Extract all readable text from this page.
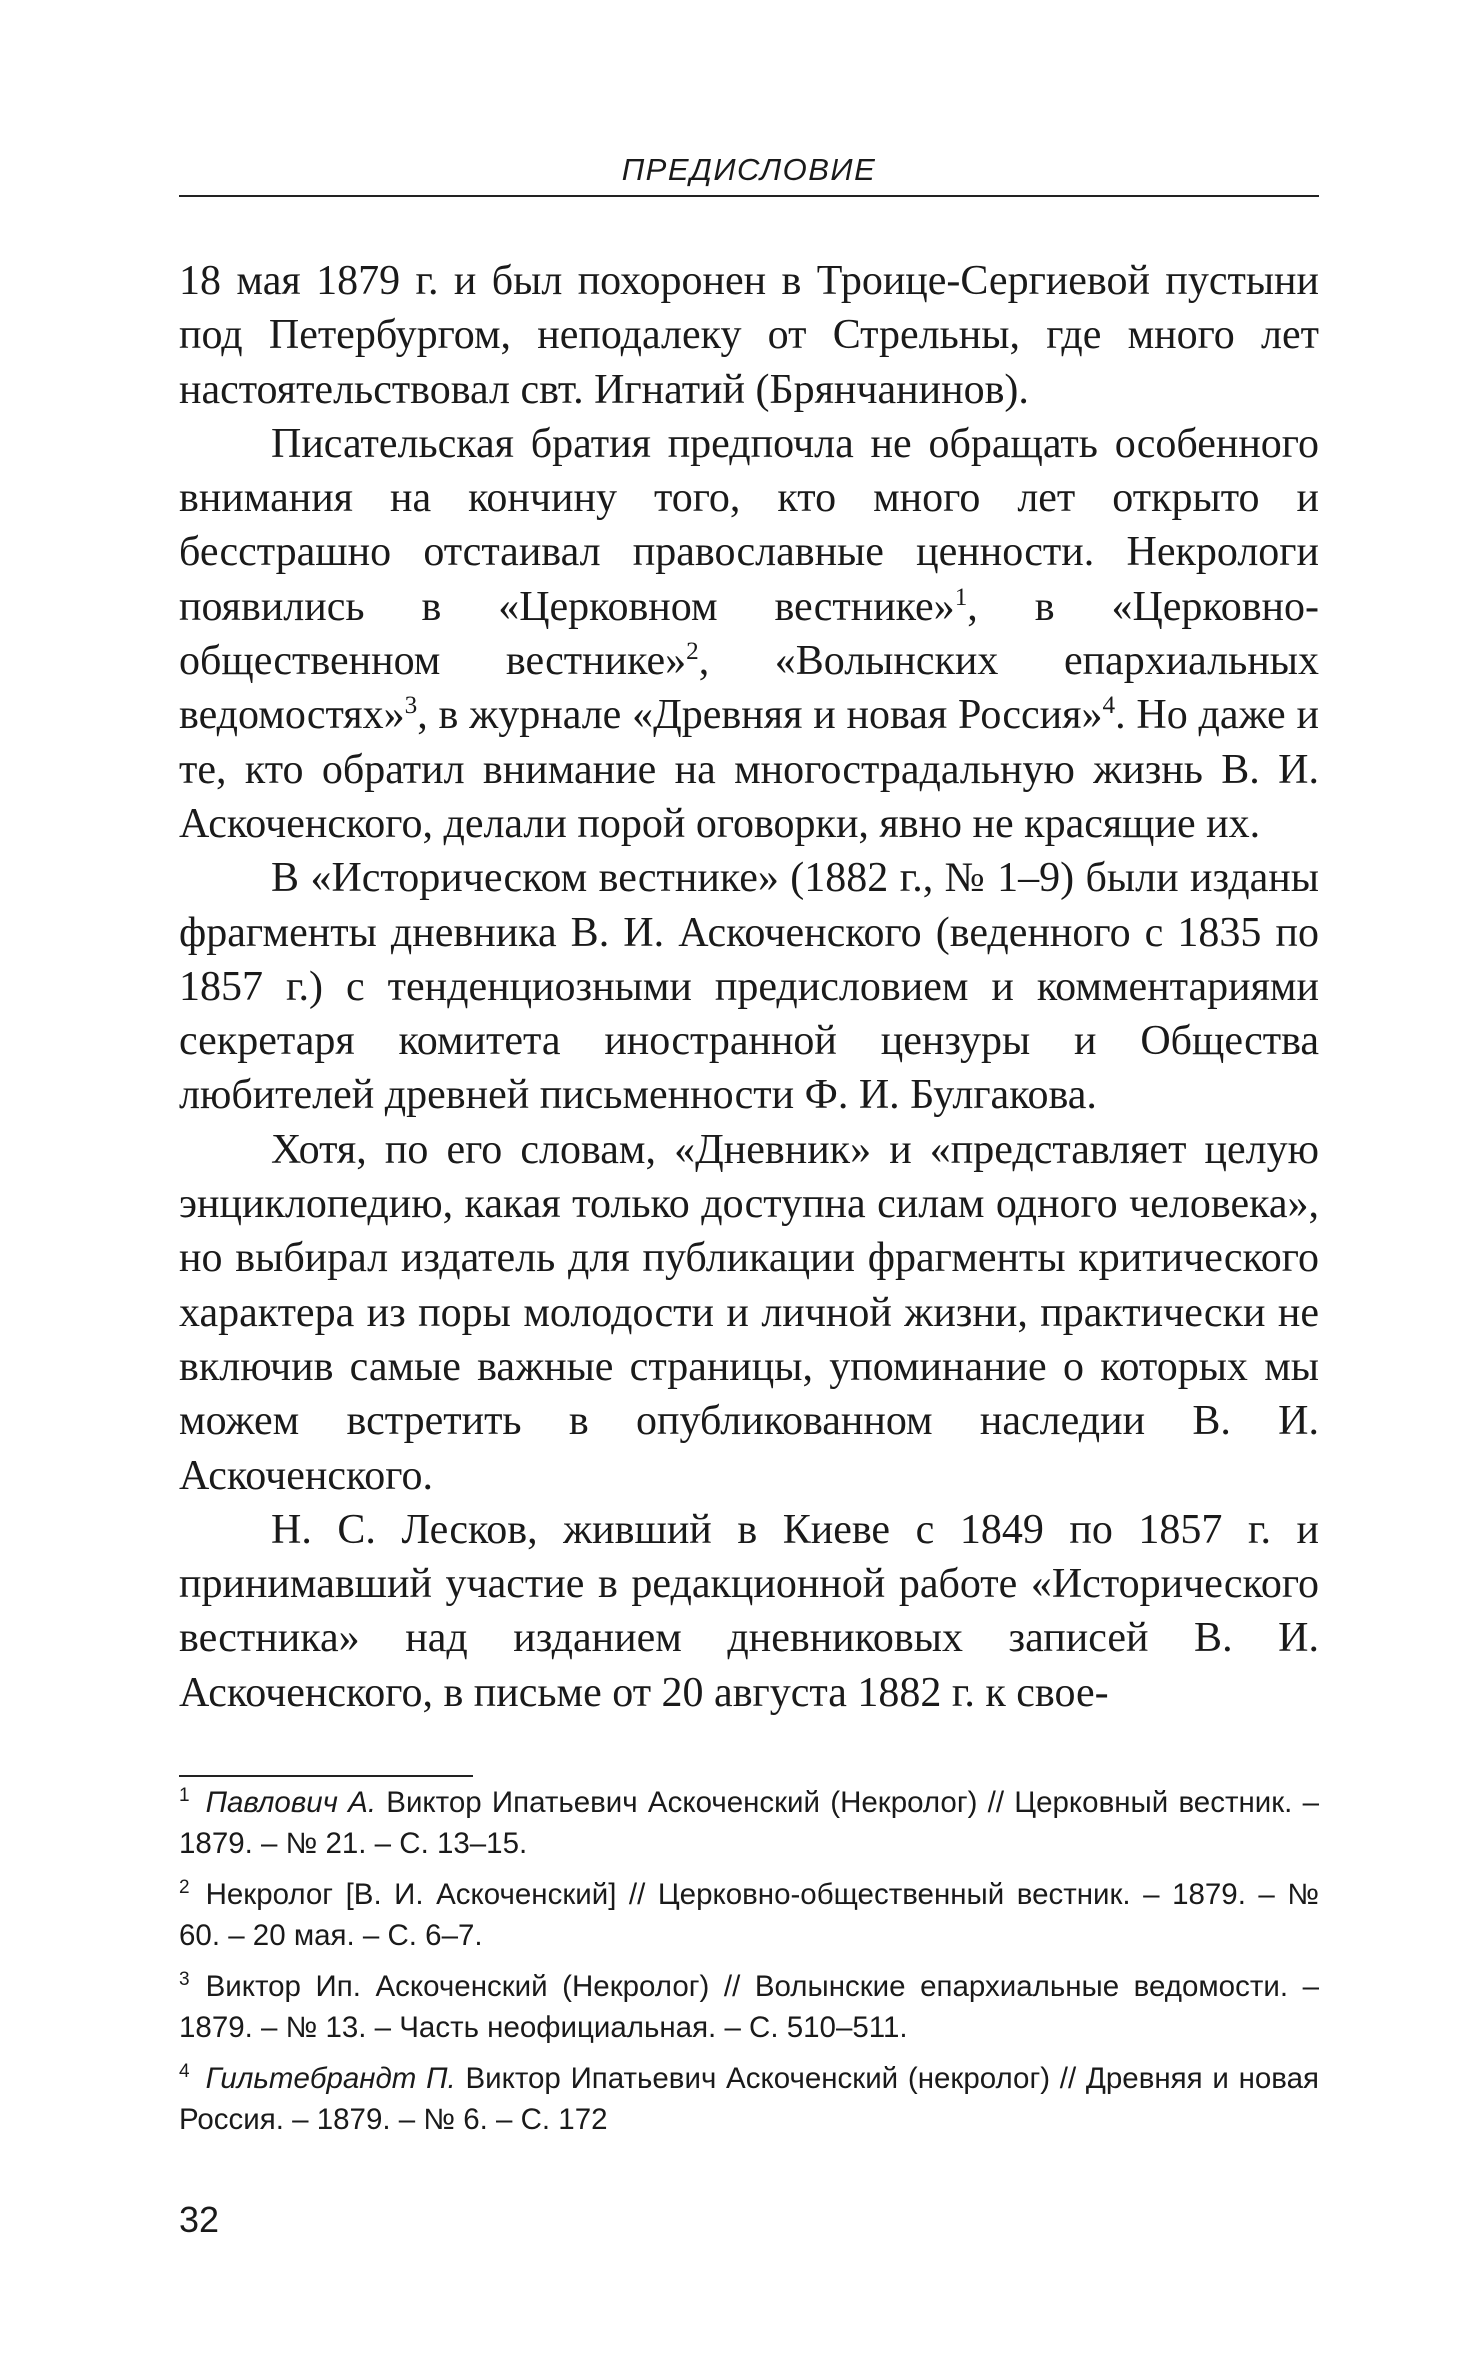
ПРЕДИСЛОВИЕ

18 мая 1879 г. и был похоронен в Троице-Сергиевой пустыни под Петербургом, неподалеку от Стрельны, где много лет настоятельствовал свт. Игнатий (Брянчанинов).

Писательская братия предпочла не обращать особенного внимания на кончину того, кто много лет открыто и бесстрашно отстаивал православные ценности. Некрологи появились в «Церковном вестнике»$^1$, в «Церковно-общественном вестнике»$^2$, «Волынских епархиальных ведомостях»$^3$, в журнале «Древняя и новая Россия»$^4$. Но даже и те, кто обратил внимание на многострадальную жизнь В. И. Аскоченского, делали порой оговорки, явно не красящие их.

В «Историческом вестнике» (1882 г., № 1–9) были изданы фрагменты дневника В. И. Аскоченского (веденного с 1835 по 1857 г.) с тенденциозными предисловием и комментариями секретаря комитета иностранной цензуры и Общества любителей древней письменности Ф. И. Булгакова.

Хотя, по его словам, «Дневник» и «представляет целую энциклопедию, какая только доступна силам одного человека», но выбирал издатель для публикации фрагменты критического характера из поры молодости и личной жизни, практически не включив самые важные страницы, упоминание о которых мы можем встретить в опубликованном наследии В. И. Аскоченского.

Н. С. Лесков, живший в Киеве с 1849 по 1857 г. и принимавший участие в редакционной работе «Исторического вестника» над изданием дневниковых записей В. И. Аскоченского, в письме от 20 августа 1882 г. к свое-

$^1$ Павлович А. Виктор Ипатьевич Аскоченский (Некролог) // Церковный вестник. – 1879. – № 21. – С. 13–15.

$^2$ Некролог [В. И. Аскоченский] // Церковно-общественный вестник. – 1879. – № 60. – 20 мая. – С. 6–7.

$^3$ Виктор Ип. Аскоченский (Некролог) // Волынские епархиальные ведомости. – 1879. – № 13. – Часть неофициальная. – С. 510–511.

$^4$ Гильтебрандт П. Виктор Ипатьевич Аскоченский (некролог) // Древняя и новая Россия. – 1879. – № 6. – С. 172

32
